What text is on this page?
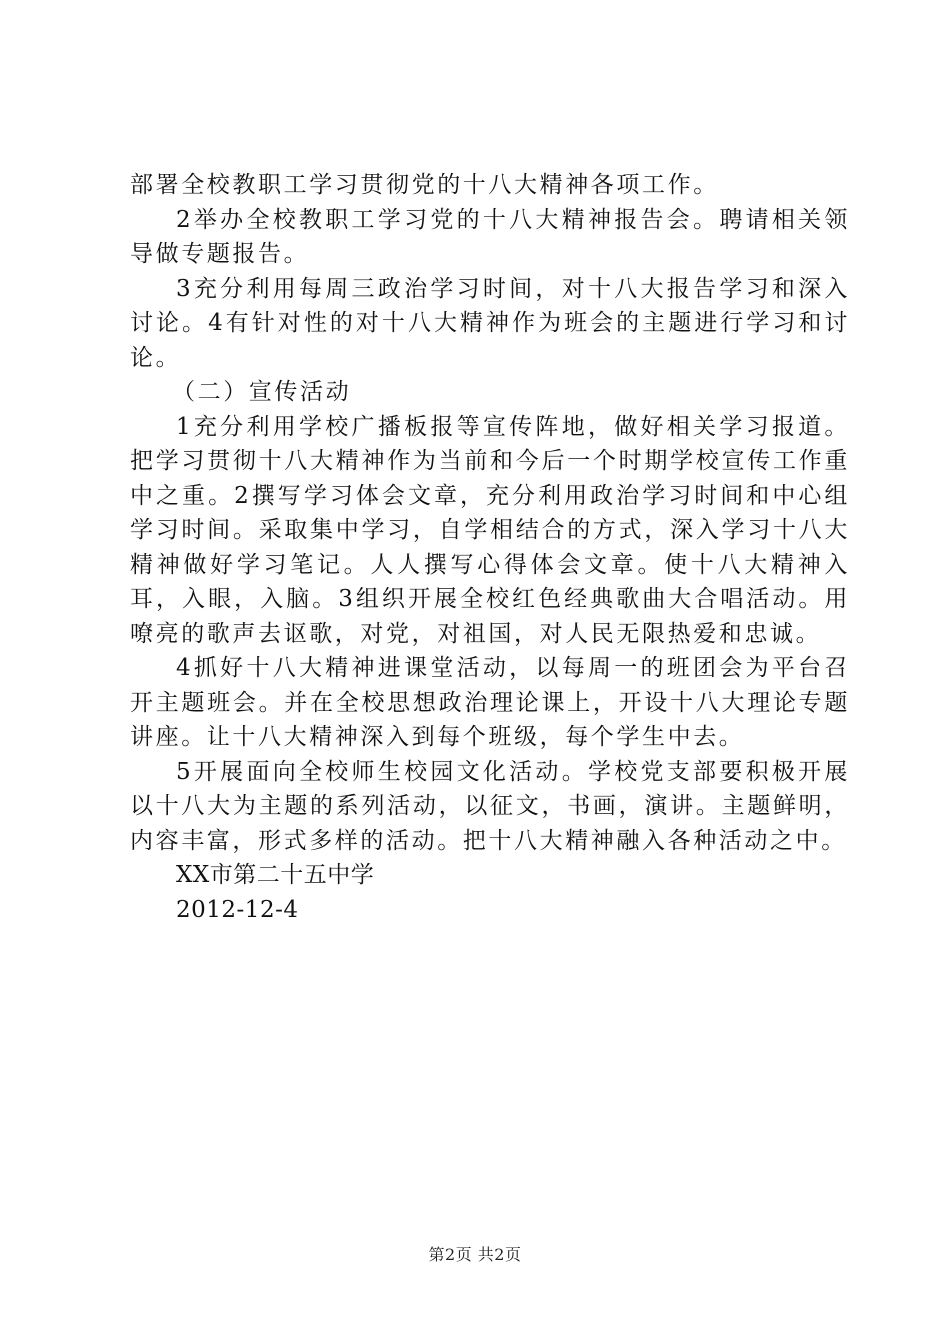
部署全校教职工学习贯彻党的十八大精神各项工作。

2举办全校教职工学习党的十八大精神报告会。聘请相关领导做专题报告。

3充分利用每周三政治学习时间，对十八大报告学习和深入讨论。4有针对性的对十八大精神作为班会的主题进行学习和讨论。

（二）宣传活动

1充分利用学校广播板报等宣传阵地，做好相关学习报道。把学习贯彻十八大精神作为当前和今后一个时期学校宣传工作重中之重。2撰写学习体会文章，充分利用政治学习时间和中心组学习时间。采取集中学习，自学相结合的方式，深入学习十八大精神做好学习笔记。人人撰写心得体会文章。使十八大精神入耳，入眼，入脑。3组织开展全校红色经典歌曲大合唱活动。用嘹亮的歌声去讴歌，对党，对祖国，对人民无限热爱和忠诚。

4抓好十八大精神进课堂活动，以每周一的班团会为平台召开主题班会。并在全校思想政治理论课上，开设十八大理论专题讲座。让十八大精神深入到每个班级，每个学生中去。

5开展面向全校师生校园文化活动。学校党支部要积极开展以十八大为主题的系列活动，以征文，书画，演讲。主题鲜明，内容丰富，形式多样的活动。把十八大精神融入各种活动之中。

XX市第二十五中学

2012-12-4

第2页 共2页
